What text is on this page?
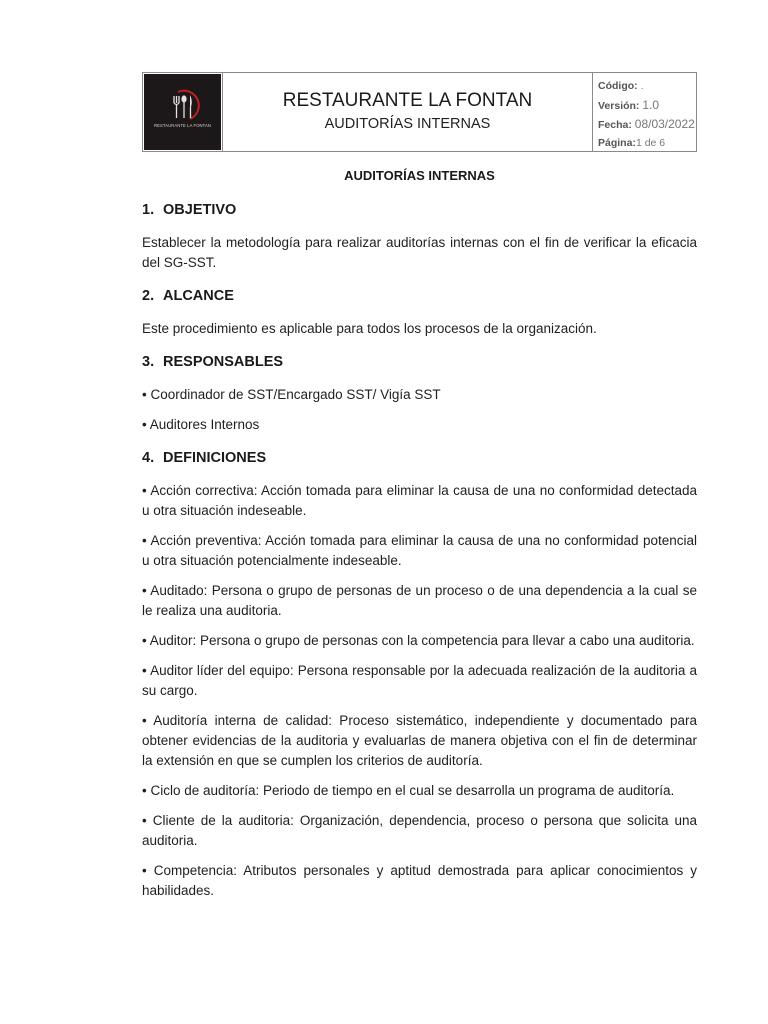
RESTAURANTE LA FONTAN
RESTAURANTE LA FONTAN
AUDITORÍAS INTERNAS
Código: .
Versión: 1.0
Fecha: 08/03/2022
Página:1 de 6
AUDITORÍAS INTERNAS
1. OBJETIVO

Establecer la metodología para realizar auditorías internas con el fin de verificar la eficacia del SG-SST.

2. ALCANCE

Este procedimiento es aplicable para todos los procesos de la organización.

3. RESPONSABLES

• Coordinador de SST/Encargado SST/ Vigía SST

• Auditores Internos

4. DEFINICIONES

• Acción correctiva: Acción tomada para eliminar la causa de una no conformidad detectada u otra situación indeseable.

• Acción preventiva: Acción tomada para eliminar la causa de una no conformidad potencial u otra situación potencialmente indeseable.

• Auditado: Persona o grupo de personas de un proceso o de una dependencia a la cual se le realiza una auditoria.

• Auditor: Persona o grupo de personas con la competencia para llevar a cabo una auditoria.

• Auditor líder del equipo: Persona responsable por la adecuada realización de la auditoria a su cargo.

• Auditoría interna de calidad: Proceso sistemático, independiente y documentado para obtener evidencias de la auditoria y evaluarlas de manera objetiva con el fin de determinar la extensión en que se cumplen los criterios de auditoría.

• Ciclo de auditoría: Periodo de tiempo en el cual se desarrolla un programa de auditoría.

• Cliente de la auditoria: Organización, dependencia, proceso o persona que solicita una auditoria.

• Competencia: Atributos personales y aptitud demostrada para aplicar conocimientos y habilidades.
